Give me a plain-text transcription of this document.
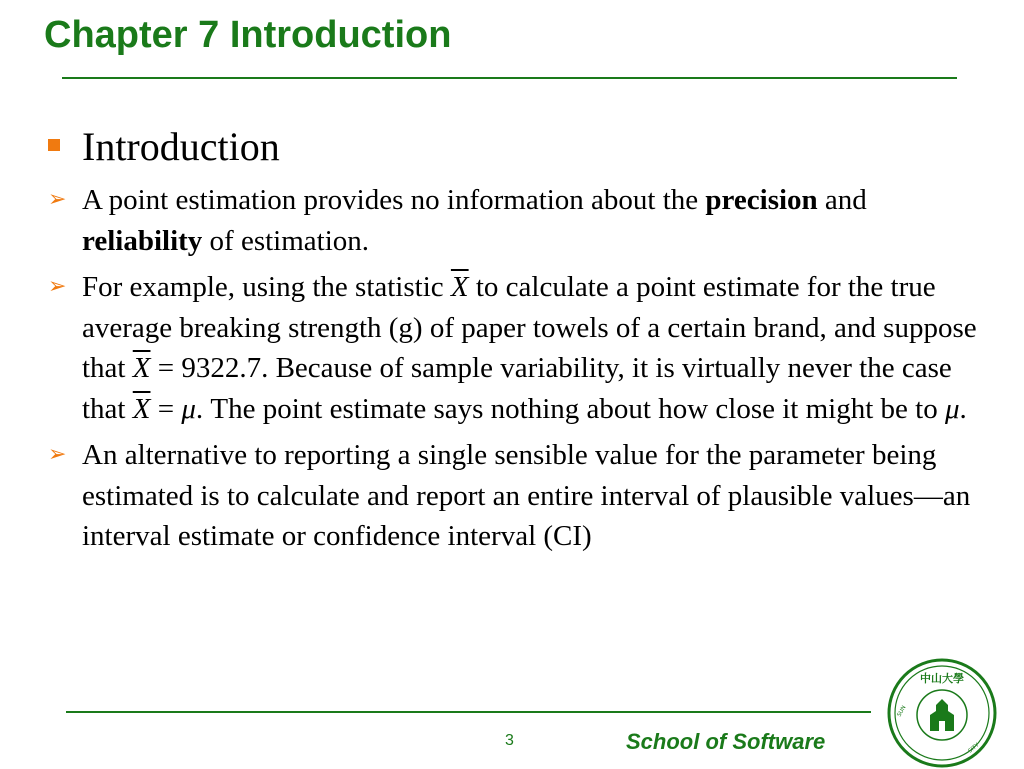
Chapter 7 Introduction
Introduction
➢ A point estimation provides no information about the precision and reliability of estimation.
➢ For example, using the statistic $\overline{X}$ to calculate a point estimate for the true average breaking strength (g) of paper towels of a certain brand, and suppose that $\overline{X} = 9322.7$. Because of sample variability, it is virtually never the case that $\overline{X} = \mu$. The point estimate says nothing about how close it might be to μ.
➢ An alternative to reporting a single sensible value for the parameter being estimated is to calculate and report an entire interval of plausible values—an interval estimate or confidence interval (CI)
3	School of Software
中山大學
SUN
SITY
